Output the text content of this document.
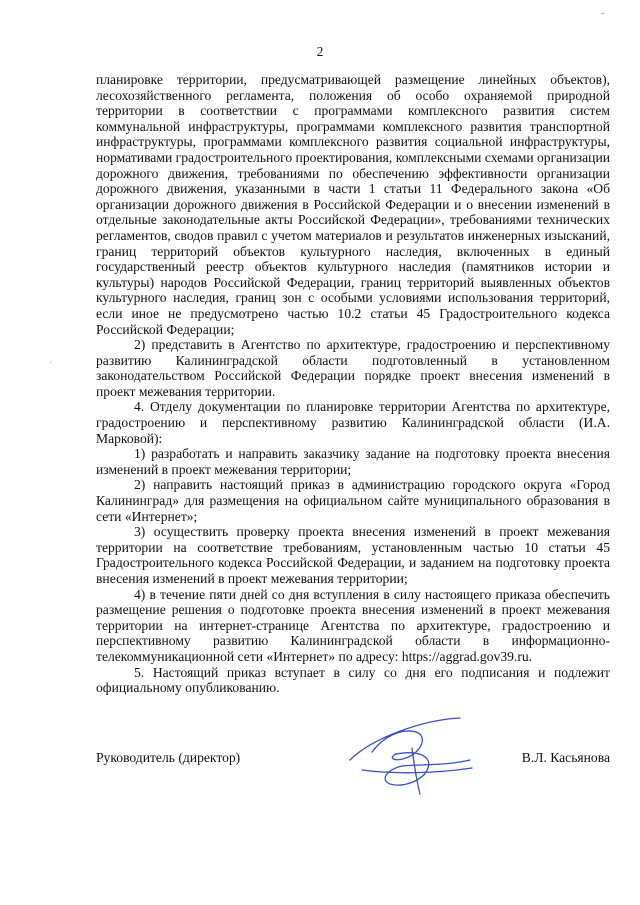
-
'
2

планировке территории, предусматривающей размещение линейных объектов), лесохозяйственного регламента, положения об особо охраняемой природной территории в соответствии с программами комплексного развития систем коммунальной инфраструктуры, программами комплексного развития транспортной инфраструктуры, программами комплексного развития социальной инфраструктуры, нормативами градостроительного проектирования, комплексными схемами организации дорожного движения, требованиями по обеспечению эффективности организации дорожного движения, указанными в части 1 статьи 11 Федерального закона «Об организации дорожного движения в Российской Федерации и о внесении изменений в отдельные законодательные акты Российской Федерации», требованиями технических регламентов, сводов правил с учетом материалов и результатов инженерных изысканий, границ территорий объектов культурного наследия, включенных в единый государственный реестр объектов культурного наследия (памятников истории и культуры) народов Российской Федерации, границ территорий выявленных объектов культурного наследия, границ зон с особыми условиями использования территорий, если иное не предусмотрено частью 10.2 статьи 45 Градостроительного кодекса Российской Федерации;

2) представить в Агентство по архитектуре, градостроению и перспективному развитию Калининградской области подготовленный в установленном законодательством Российской Федерации порядке проект внесения изменений в проект межевания территории.

4. Отделу документации по планировке территории Агентства по архитектуре, градостроению и перспективному развитию Калининградской области (И.А. Марковой):

1) разработать и направить заказчику задание на подготовку проекта внесения изменений в проект межевания территории;

2) направить настоящий приказ в администрацию городского округа «Город Калининград» для размещения на официальном сайте муниципального образования в сети «Интернет»;

3) осуществить проверку проекта внесения изменений в проект межевания территории на соответствие требованиям, установленным частью 10 статьи 45 Градостроительного кодекса Российской Федерации, и заданием на подготовку проекта внесения изменений в проект межевания территории;

4) в течение пяти дней со дня вступления в силу настоящего приказа обеспечить размещение решения о подготовке проекта внесения изменений в проект межевания территории на интернет-странице Агентства по архитектуре, градостроению и перспективному развитию Калининградской области в информационно-телекоммуникационной сети «Интернет» по адресу: https://aggrad.gov39.ru.

5. Настоящий приказ вступает в силу со дня его подписания и подлежит официальному опубликованию.

Руководитель (директор)	В.Л. Касьянова
